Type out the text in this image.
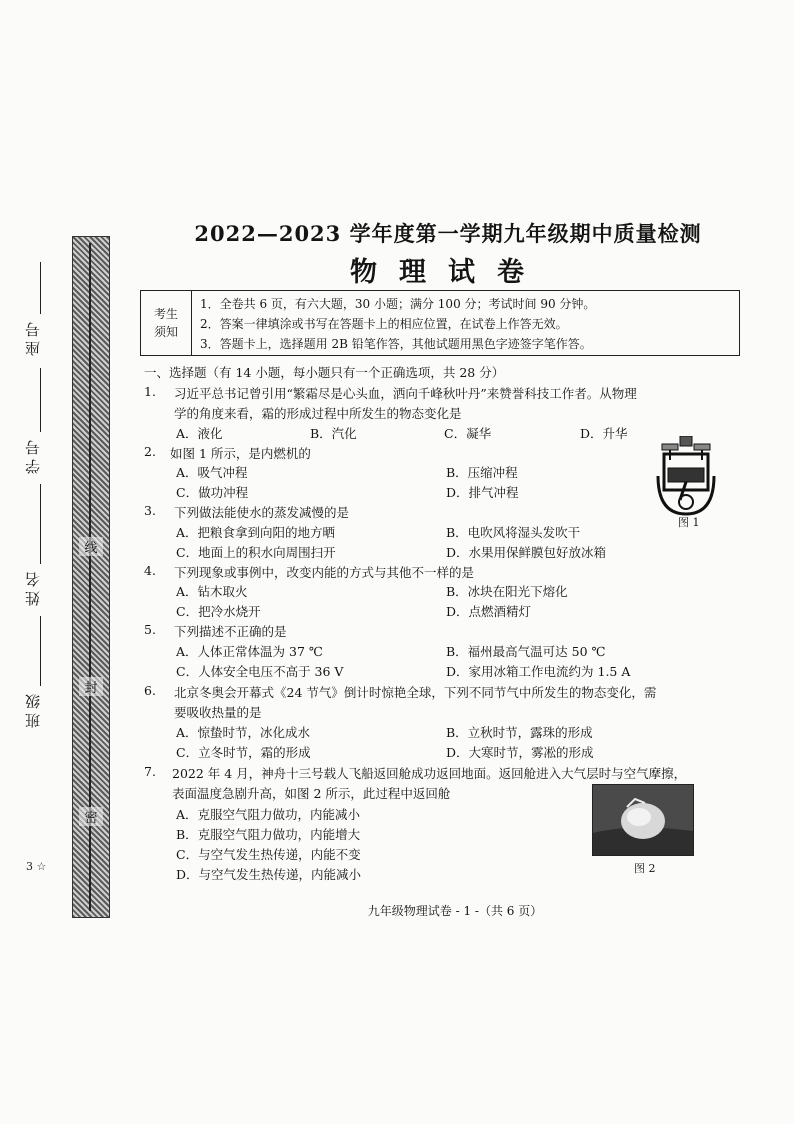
线
封
密
座号
学号
姓名
班级
3 ☆
2022—2023 学年度第一学期九年级期中质量检测
物理试卷
考生
须知
1．全卷共 6 页，有六大题，30 小题；满分 100 分；考试时间 90 分钟。
2．答案一律填涂或书写在答题卡上的相应位置，在试卷上作答无效。
3．答题卡上，选择题用 2B 铅笔作答，其他试题用黑色字迹签字笔作答。
一、选择题（有 14 小题，每小题只有一个正确选项，共 28 分）
1. 习近平总书记曾引用“繁霜尽是心头血，洒向千峰秋叶丹”来赞誉科技工作者。从物理
学的角度来看，霜的形成过程中所发生的物态变化是
A．液化	B．汽化	C．凝华	D．升华
2. 如图 1 所示，是内燃机的
A．吸气冲程	B．压缩冲程
C．做功冲程	D．排气冲程
图 1
3. 下列做法能使水的蒸发减慢的是
A．把粮食拿到向阳的地方晒	B．电吹风将湿头发吹干
C．地面上的积水向周围扫开	D．水果用保鲜膜包好放冰箱
4. 下列现象或事例中，改变内能的方式与其他不一样的是
A．钻木取火	B．冰块在阳光下熔化
C．把冷水烧开	D．点燃酒精灯
5. 下列描述不正确的是
A．人体正常体温为 37 ℃	B．福州最高气温可达 50 ℃
C．人体安全电压不高于 36 V	D．家用冰箱工作电流约为 1.5 A
6. 北京冬奥会开幕式《24 节气》倒计时惊艳全球，下列不同节气中所发生的物态变化，需
要吸收热量的是
A．惊蛰时节，冰化成水	B．立秋时节，露珠的形成
C．立冬时节，霜的形成	D．大寒时节，雾凇的形成
7. 2022 年 4 月，神舟十三号载人飞船返回舱成功返回地面。返回舱进入大气层时与空气摩擦，
表面温度急剧升高，如图 2 所示，此过程中返回舱
A．克服空气阻力做功，内能减小
B．克服空气阻力做功，内能增大
C．与空气发生热传递，内能不变
D．与空气发生热传递，内能减小	图 2
九年级物理试卷 - 1 -（共 6 页）
